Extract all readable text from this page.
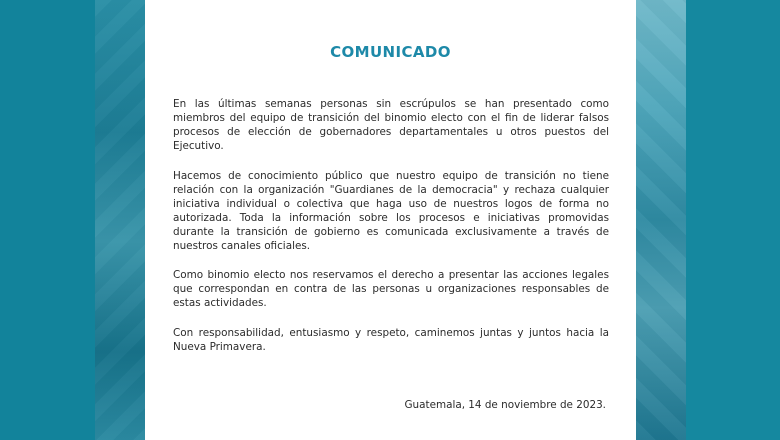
COMUNICADO

En las últimas semanas personas sin escrúpulos se han presentado como miembros del equipo de transición del binomio electo con el fin de liderar falsos procesos de elección de gobernadores departamentales u otros puestos del Ejecutivo.

Hacemos de conocimiento público que nuestro equipo de transición no tiene relación con la organización "Guardianes de la democracia" y rechaza cualquier iniciativa individual o colectiva que haga uso de nuestros logos de forma no autorizada. Toda la información sobre los procesos e iniciativas promovidas durante la transición de gobierno es comunicada exclusivamente a través de nuestros canales oficiales.

Como binomio electo nos reservamos el derecho a presentar las acciones legales que correspondan en contra de las personas u organizaciones responsables de estas actividades.

Con responsabilidad, entusiasmo y respeto, caminemos juntas y juntos hacia la Nueva Primavera.

Guatemala, 14 de noviembre de 2023.
